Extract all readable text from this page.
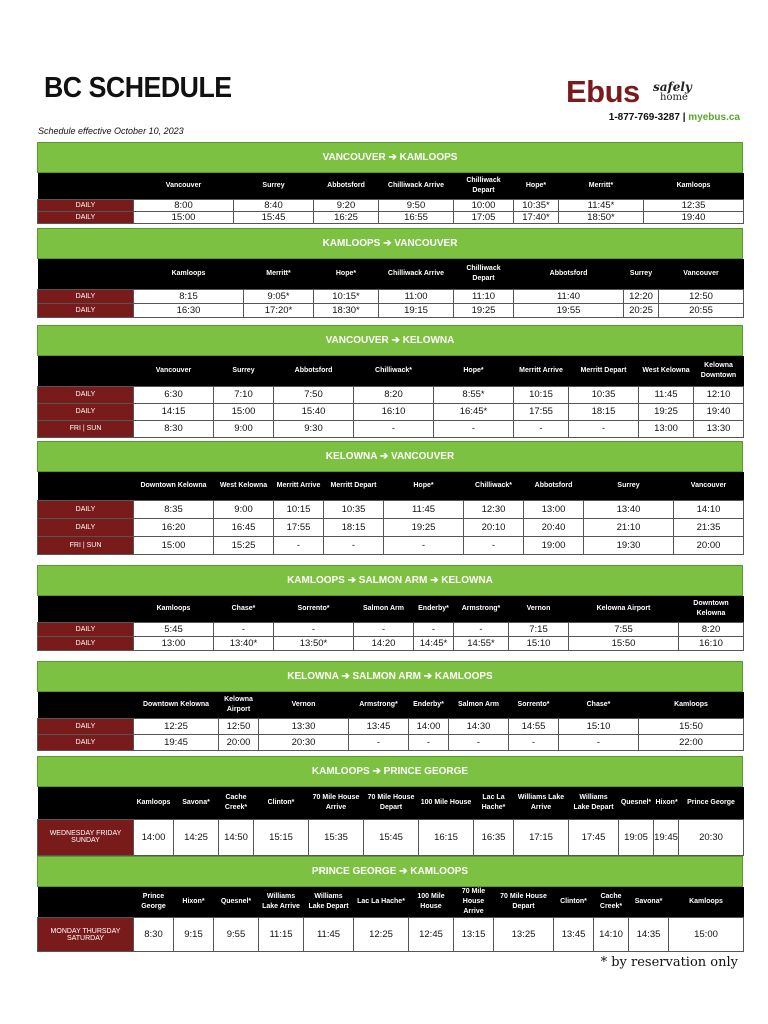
BC SCHEDULE
Schedule effective October 10, 2023
Ebus safely
home
1-877-769-3287 | myebus.ca
VANCOUVER ➔ KAMLOOPS
	Vancouver	Surrey	Abbotsford	Chilliwack Arrive	Chilliwack Depart	Hope*	Merritt*	Kamloops
DAILY	8:00	8:40	9:20	9:50	10:00	10:35*	11:45*	12:35
DAILY	15:00	15:45	16:25	16:55	17:05	17:40*	18:50*	19:40
KAMLOOPS ➔ VANCOUVER
	Kamloops	Merritt*	Hope*	Chilliwack Arrive	Chilliwack Depart	Abbotsford	Surrey	Vancouver
DAILY	8:15	9:05*	10:15*	11:00	11:10	11:40	12:20	12:50
DAILY	16:30	17:20*	18:30*	19:15	19:25	19:55	20:25	20:55
VANCOUVER ➔ KELOWNA
	Vancouver	Surrey	Abbotsford	Chilliwack*	Hope*	Merritt Arrive	Merritt Depart	West Kelowna	Kelowna Downtown
DAILY	6:30	7:10	7:50	8:20	8:55*	10:15	10:35	11:45	12:10
DAILY	14:15	15:00	15:40	16:10	16:45*	17:55	18:15	19:25	19:40
FRI | SUN	8:30	9:00	9:30	-	-	-	-	13:00	13:30
KELOWNA ➔ VANCOUVER
	Downtown Kelowna	West Kelowna	Merritt Arrive	Merritt Depart	Hope*	Chilliwack*	Abbotsford	Surrey	Vancouver
DAILY	8:35	9:00	10:15	10:35	11:45	12:30	13:00	13:40	14:10
DAILY	16:20	16:45	17:55	18:15	19:25	20:10	20:40	21:10	21:35
FRI | SUN	15:00	15:25	-	-	-	-	19:00	19:30	20:00
KAMLOOPS ➔ SALMON ARM ➔ KELOWNA
	Kamloops	Chase*	Sorrento*	Salmon Arm	Enderby*	Armstrong*	Vernon	Kelowna Airport	Downtown Kelowna
DAILY	5:45	-	-	-	-	-	7:15	7:55	8:20
DAILY	13:00	13:40*	13:50*	14:20	14:45*	14:55*	15:10	15:50	16:10
KELOWNA ➔ SALMON ARM ➔ KAMLOOPS
	Downtown Kelowna	Kelowna Airport	Vernon	Armstrong*	Enderby*	Salmon Arm	Sorrento*	Chase*	Kamloops
DAILY	12:25	12:50	13:30	13:45	14:00	14:30	14:55	15:10	15:50
DAILY	19:45	20:00	20:30	-	-	-	-	-	22:00
KAMLOOPS ➔ PRINCE GEORGE
	Kamloops	Savona*	Cache Creek*	Clinton*	70 Mile House Arrive	70 Mile House Depart	100 Mile House	Lac La Hache*	Williams Lake Arrive	Williams Lake Depart	Quesnel*	Hixon*	Prince George
WEDNESDAY FRIDAY SUNDAY	14:00	14:25	14:50	15:15	15:35	15:45	16:15	16:35	17:15	17:45	19:05	19:45	20:30
PRINCE GEORGE ➔ KAMLOOPS
	Prince George	Hixon*	Quesnel*	Williams Lake Arrive	Williams Lake Depart	Lac La Hache*	100 Mile House	70 Mile House Arrive	70 Mile House Depart	Clinton*	Cache Creek*	Savona*	Kamloops
MONDAY THURSDAY SATURDAY	8:30	9:15	9:55	11:15	11:45	12:25	12:45	13:15	13:25	13:45	14:10	14:35	15:00
* by reservation only
